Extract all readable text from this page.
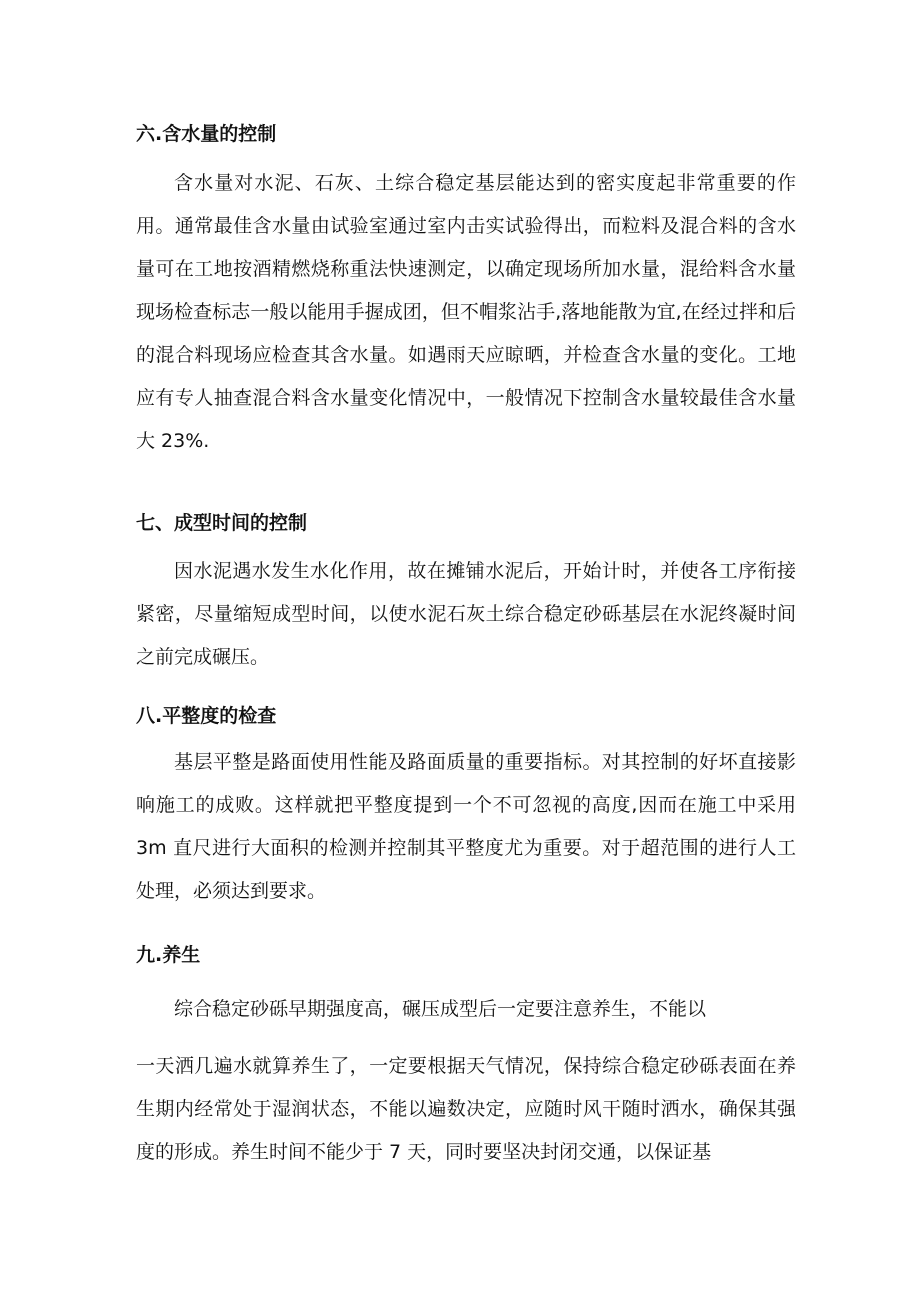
六.含水量的控制

含水量对水泥、石灰、土综合稳定基层能达到的密实度起非常重要的作用。通常最佳含水量由试验室通过室内击实试验得出，而粒料及混合料的含水量可在工地按酒精燃烧称重法快速测定，以确定现场所加水量，混给料含水量现场检查标志一般以能用手握成团，但不帽浆沾手,落地能散为宜,在经过拌和后的混合料现场应检查其含水量。如遇雨天应晾晒，并检查含水量的变化。工地应有专人抽查混合料含水量变化情况中，一般情况下控制含水量较最佳含水量大 23%.

七、成型时间的控制

因水泥遇水发生水化作用，故在摊铺水泥后，开始计时，并使各工序衔接紧密，尽量缩短成型时间，以使水泥石灰土综合稳定砂砾基层在水泥终凝时间之前完成碾压。

八.平整度的检查

基层平整是路面使用性能及路面质量的重要指标。对其控制的好坏直接影响施工的成败。这样就把平整度提到一个不可忽视的高度,因而在施工中采用 3m 直尺进行大面积的检测并控制其平整度尤为重要。对于超范围的进行人工处理，必须达到要求。

九.养生

综合稳定砂砾早期强度高，碾压成型后一定要注意养生，不能以

一天洒几遍水就算养生了，一定要根据天气情况，保持综合稳定砂砾表面在养生期内经常处于湿润状态，不能以遍数决定，应随时风干随时洒水，确保其强度的形成。养生时间不能少于 7 天，同时要坚决封闭交通，以保证基
